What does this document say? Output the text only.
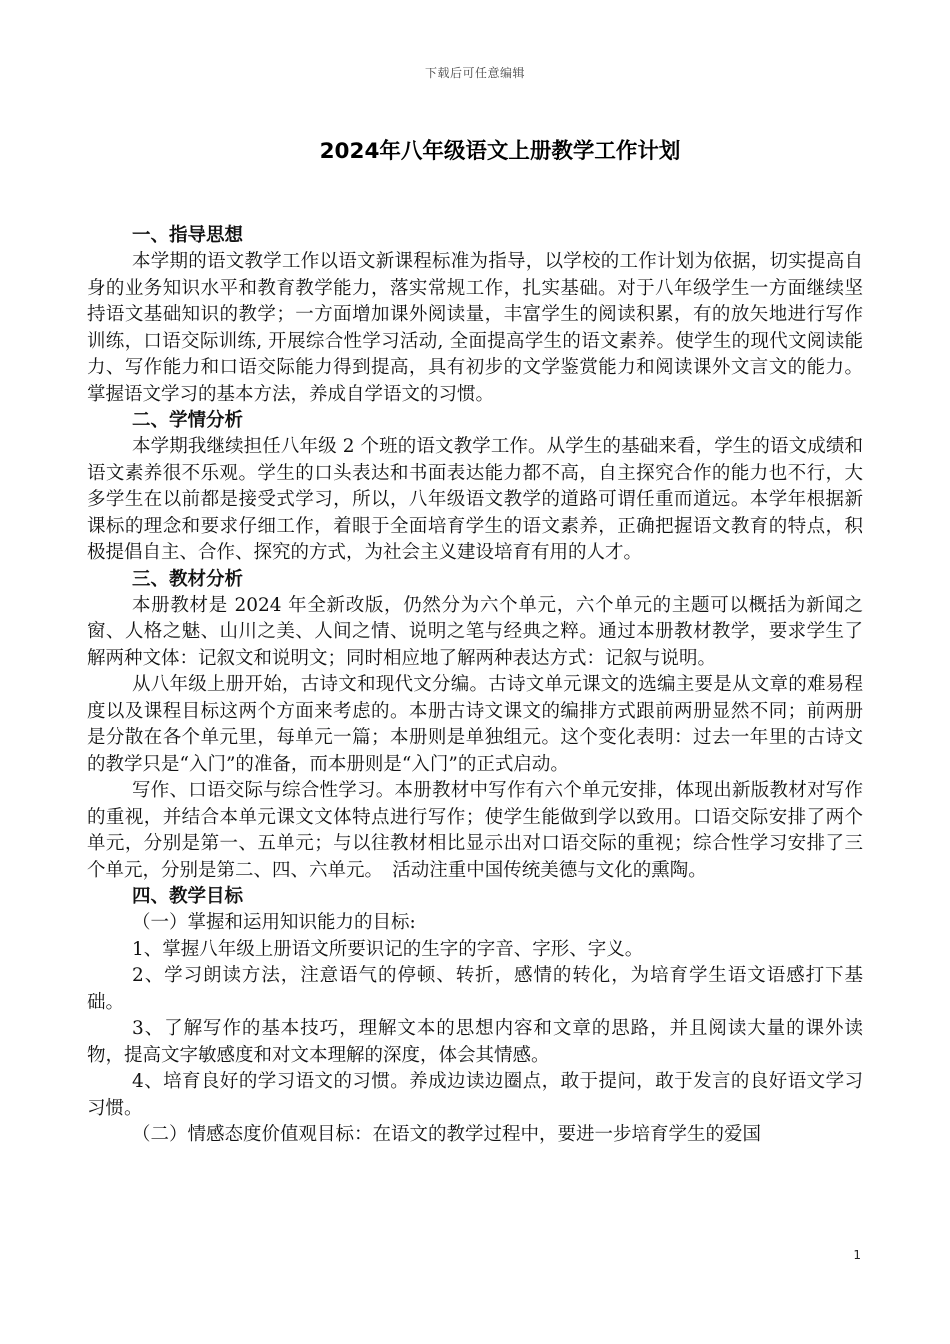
下载后可任意编辑
2024年八年级语文上册教学工作计划
一、指导思想

本学期的语文教学工作以语文新课程标准为指导，以学校的工作计划为依据，切实提高自身的业务知识水平和教育教学能力，落实常规工作，扎实基础。对于八年级学生一方面继续坚持语文基础知识的教学；一方面增加课外阅读量，丰富学生的阅读积累，有的放矢地进行写作训练，口语交际训练, 开展综合性学习活动, 全面提高学生的语文素养。使学生的现代文阅读能力、写作能力和口语交际能力得到提高，具有初步的文学鉴赏能力和阅读课外文言文的能力。掌握语文学习的基本方法，养成自学语文的习惯。

二、学情分析

本学期我继续担任八年级 2 个班的语文教学工作。从学生的基础来看，学生的语文成绩和语文素养很不乐观。学生的口头表达和书面表达能力都不高，自主探究合作的能力也不行，大多学生在以前都是接受式学习，所以，八年级语文教学的道路可谓任重而道远。本学年根据新课标的理念和要求仔细工作，着眼于全面培育学生的语文素养，正确把握语文教育的特点，积极提倡自主、合作、探究的方式，为社会主义建设培育有用的人才。

三、教材分析

本册教材是 2024 年全新改版，仍然分为六个单元，六个单元的主题可以概括为新闻之窗、人格之魅、山川之美、人间之情、说明之笔与经典之粹。通过本册教材教学，要求学生了解两种文体：记叙文和说明文；同时相应地了解两种表达方式：记叙与说明。

从八年级上册开始，古诗文和现代文分编。古诗文单元课文的选编主要是从文章的难易程度以及课程目标这两个方面来考虑的。本册古诗文课文的编排方式跟前两册显然不同；前两册是分散在各个单元里，每单元一篇；本册则是单独组元。这个变化表明：过去一年里的古诗文的教学只是“入门”的准备，而本册则是“入门”的正式启动。

写作、口语交际与综合性学习。本册教材中写作有六个单元安排，体现出新版教材对写作的重视，并结合本单元课文文体特点进行写作；使学生能做到学以致用。口语交际安排了两个单元，分别是第一、五单元；与以往教材相比显示出对口语交际的重视；综合性学习安排了三个单元，分别是第二、四、六单元。　活动注重中国传统美德与文化的熏陶。

四、教学目标

（一）掌握和运用知识能力的目标:

1、掌握八年级上册语文所要识记的生字的字音、字形、字义。

2、学习朗读方法，注意语气的停顿、转折，感情的转化，为培育学生语文语感打下基础。

3、了解写作的基本技巧，理解文本的思想内容和文章的思路，并且阅读大量的课外读物，提高文字敏感度和对文本理解的深度，体会其情感。

4、培育良好的学习语文的习惯。养成边读边圈点，敢于提问，敢于发言的良好语文学习习惯。

（二）情感态度价值观目标：在语文的教学过程中，要进一步培育学生的爱国

1
